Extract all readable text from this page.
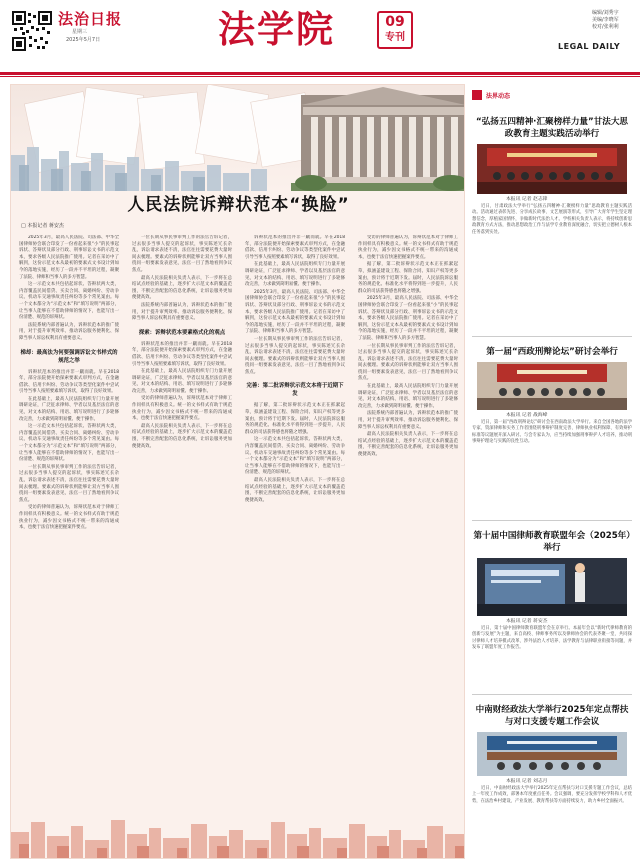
法治日报
星期三
2025年5月7日	法学院	09
专刊
编辑/刘秀宇
美编/李晓军
校对/张利利
LEGAL DAILY
人民法院诉辩状范本“换脸”
□ 本报记者 蒋安杰

2025年3月，最高人民法院、司法部、中华全国律师协会联合印发了一份看起来很“小”的民事起诉状、答辩状及部分行政、刑事诉讼文书的示范文本，要求各级人民法院推广使用。记者在采访中了解到，这份示范文本从最初的要素式文书设计到如今的落地实施，经历了一段并不平坦的过程，凝聚了法院、律师和当事人的多方智慧。

这一示范文本共包括起诉状、答辩状两大类，内容覆盖民间借贷、买卖合同、离婚纠纷、劳动争议、机动车交通事故责任纠纷等多个常见案由。每一个文本都分为“示范文本”和“填写说明”两部分，让当事人能够在不借助律师的情况下，也能写出一份清楚、规范的诉辩状。

法院系统内部普遍认为，诉辩状范本的推广使用，对于提升审判效率、推动诉讼服务便利化、保障当事人诉讼权利具有重要意义。

梯却：最高法为何要强调诉讼文书样式的规范之举

诉辩状范本的推出并非一蹴而就。早在2018年，部分法院便开始探索要素式审判方式，在金融借款、信用卡纠纷、劳动争议等类型化案件中尝试引导当事人按照要素填写诉状，取得了良好效果。

在此基础上，最高人民法院组织专门力量开展调研论证，广泛征求律师、学者以及基层法官的意见，对文本的结构、用语、填写说明进行了多轮修改完善，力求做到简明易懂、便于操作。

这一示范文本共包括起诉状、答辩状两大类，内容覆盖民间借贷、买卖合同、离婚纠纷、劳动争议、机动车交通事故责任纠纷等多个常见案由。每一个文本都分为“示范文本”和“填写说明”两部分，让当事人能够在不借助律师的情况下，也能写出一份清楚、规范的诉辩状。

一位长期从事民事审判工作的法官告诉记者，过去很多当事人提交的起诉状，事实陈述冗长杂乱，诉讼请求表述不清，法官往往需要花费大量时间去梳理。要素式的诉辩状则能够让双方当事人围绕同一组要素发表意见，法官一目了然地看到争议焦点。

受访的律师普遍认为，诉辩状范本对于律师工作同样具有积极意义。统一的文书样式有助于规范执业行为，减少因文书格式不统一带来的沟通成本，也便于法官快速把握案件要点。

一位长期从事民事审判工作的法官告诉记者，过去很多当事人提交的起诉状，事实陈述冗长杂乱，诉讼请求表述不清，法官往往需要花费大量时间去梳理。要素式的诉辩状则能够让双方当事人围绕同一组要素发表意见，法官一目了然地看到争议焦点。

最高人民法院相关负责人表示，下一步将在总结试点经验的基础上，逐步扩大示范文本的覆盖范围，不断完善配套的信息化系统，让诉讼服务更加便捷高效。

法院系统内部普遍认为，诉辩状范本的推广使用，对于提升审判效率、推动诉讼服务便利化、保障当事人诉讼权利具有重要意义。

探索：诉辩状范本要素格式化的观点

诉辩状范本的推出并非一蹴而就。早在2018年，部分法院便开始探索要素式审判方式，在金融借款、信用卡纠纷、劳动争议等类型化案件中尝试引导当事人按照要素填写诉状，取得了良好效果。

在此基础上，最高人民法院组织专门力量开展调研论证，广泛征求律师、学者以及基层法官的意见，对文本的结构、用语、填写说明进行了多轮修改完善，力求做到简明易懂、便于操作。

受访的律师普遍认为，诉辩状范本对于律师工作同样具有积极意义。统一的文书样式有助于规范执业行为，减少因文书格式不统一带来的沟通成本，也便于法官快速把握案件要点。

最高人民法院相关负责人表示，下一步将在总结试点经验的基础上，逐步扩大示范文本的覆盖范围，不断完善配套的信息化系统，让诉讼服务更加便捷高效。

诉辩状范本的推出并非一蹴而就。早在2018年，部分法院便开始探索要素式审判方式，在金融借款、信用卡纠纷、劳动争议等类型化案件中尝试引导当事人按照要素填写诉状，取得了良好效果。

在此基础上，最高人民法院组织专门力量开展调研论证，广泛征求律师、学者以及基层法官的意见，对文本的结构、用语、填写说明进行了多轮修改完善，力求做到简明易懂、便于操作。

2025年3月，最高人民法院、司法部、中华全国律师协会联合印发了一份看起来很“小”的民事起诉状、答辩状及部分行政、刑事诉讼文书的示范文本，要求各级人民法院推广使用。记者在采访中了解到，这份示范文本从最初的要素式文书设计到如今的落地实施，经历了一段并不平坦的过程，凝聚了法院、律师和当事人的多方智慧。

一位长期从事民事审判工作的法官告诉记者，过去很多当事人提交的起诉状，事实陈述冗长杂乱，诉讼请求表述不清，法官往往需要花费大量时间去梳理。要素式的诉辩状则能够让双方当事人围绕同一组要素发表意见，法官一目了然地看到争议焦点。

完善：第二批诉辩状示范文本将于近期下发

据了解，第二批诉辩状示范文本正在抓紧起草，拟涵盖建设工程、保险合同、知识产权等更多案由，预计将于近期下发。届时，人民法院诉讼服务的规范化、标准化水平将得到进一步提升，人民群众的司法获得感也将随之增强。

这一示范文本共包括起诉状、答辩状两大类，内容覆盖民间借贷、买卖合同、离婚纠纷、劳动争议、机动车交通事故责任纠纷等多个常见案由。每一个文本都分为“示范文本”和“填写说明”两部分，让当事人能够在不借助律师的情况下，也能写出一份清楚、规范的诉辩状。

最高人民法院相关负责人表示，下一步将在总结试点经验的基础上，逐步扩大示范文本的覆盖范围，不断完善配套的信息化系统，让诉讼服务更加便捷高效。

受访的律师普遍认为，诉辩状范本对于律师工作同样具有积极意义。统一的文书样式有助于规范执业行为，减少因文书格式不统一带来的沟通成本，也便于法官快速把握案件要点。

据了解，第二批诉辩状示范文本正在抓紧起草，拟涵盖建设工程、保险合同、知识产权等更多案由，预计将于近期下发。届时，人民法院诉讼服务的规范化、标准化水平将得到进一步提升，人民群众的司法获得感也将随之增强。

2025年3月，最高人民法院、司法部、中华全国律师协会联合印发了一份看起来很“小”的民事起诉状、答辩状及部分行政、刑事诉讼文书的示范文本，要求各级人民法院推广使用。记者在采访中了解到，这份示范文本从最初的要素式文书设计到如今的落地实施，经历了一段并不平坦的过程，凝聚了法院、律师和当事人的多方智慧。

一位长期从事民事审判工作的法官告诉记者，过去很多当事人提交的起诉状，事实陈述冗长杂乱，诉讼请求表述不清，法官往往需要花费大量时间去梳理。要素式的诉辩状则能够让双方当事人围绕同一组要素发表意见，法官一目了然地看到争议焦点。

在此基础上，最高人民法院组织专门力量开展调研论证，广泛征求律师、学者以及基层法官的意见，对文本的结构、用语、填写说明进行了多轮修改完善，力求做到简明易懂、便于操作。

法院系统内部普遍认为，诉辩状范本的推广使用，对于提升审判效率、推动诉讼服务便利化、保障当事人诉讼权利具有重要意义。

最高人民法院相关负责人表示，下一步将在总结试点经验的基础上，逐步扩大示范文本的覆盖范围，不断完善配套的信息化系统，让诉讼服务更加便捷高效。

法界动态
“弘扬五四精神·汇聚榜样力量”甘法大思政教育主题实践活动举行
本报讯 记者 赵志锋

近日，甘肃政法大学举行“弘扬五四精神·汇聚榜样力量”思政教育主题实践活动。活动通过表彰先进、分享成长故事、文艺展演等形式，引导广大青年学生坚定理想信念，厚植家国情怀，争做新时代法治人才。学校相关负责人表示，将持续创新思政教育方式方法，推动思想政治工作与法学专业教育深度融合，切实把立德树人根本任务落到实处。

第一届“西政刑辩论坛”研讨会举行
本报讯 记者 战海峰

近日，第一届“西政刑辩论坛”研讨会在西南政法大学举行。来自全国各地的法学专家、资深律师和实务工作者围绕刑事辩护制度完善、律师执业权利保障、有效辩护标准等议题展开深入研讨。与会专家认为，应当持续加强刑事辩护人才培养，推动刑事辩护理论与实践的良性互动。

第十届中国律师教育联盟年会（2025年）举行
本报讯 记者 蒋安杰

近日，第十届中国律师教育联盟年会在京举行。本届年会以“新时代律师教育的创新与发展”为主题，来自高校、律师事务所以及律师协会的代表齐聚一堂，共同探讨律师人才培养模式改革、涉外法治人才培养、法学教育与法律职业衔接等问题，并发布了联盟年度工作报告。

中南财经政法大学举行2025年定点帮扶与对口支援专题工作会议
本报讯 记者 刘志月

近日，中南财经政法大学举行2025年定点帮扶与对口支援专题工作会议，总结上一年度工作成效，部署本年度重点任务。会议强调，要充分发挥学校学科和人才优势，在法治乡村建设、产业发展、教育帮扶等方面持续发力，助力乡村全面振兴。
